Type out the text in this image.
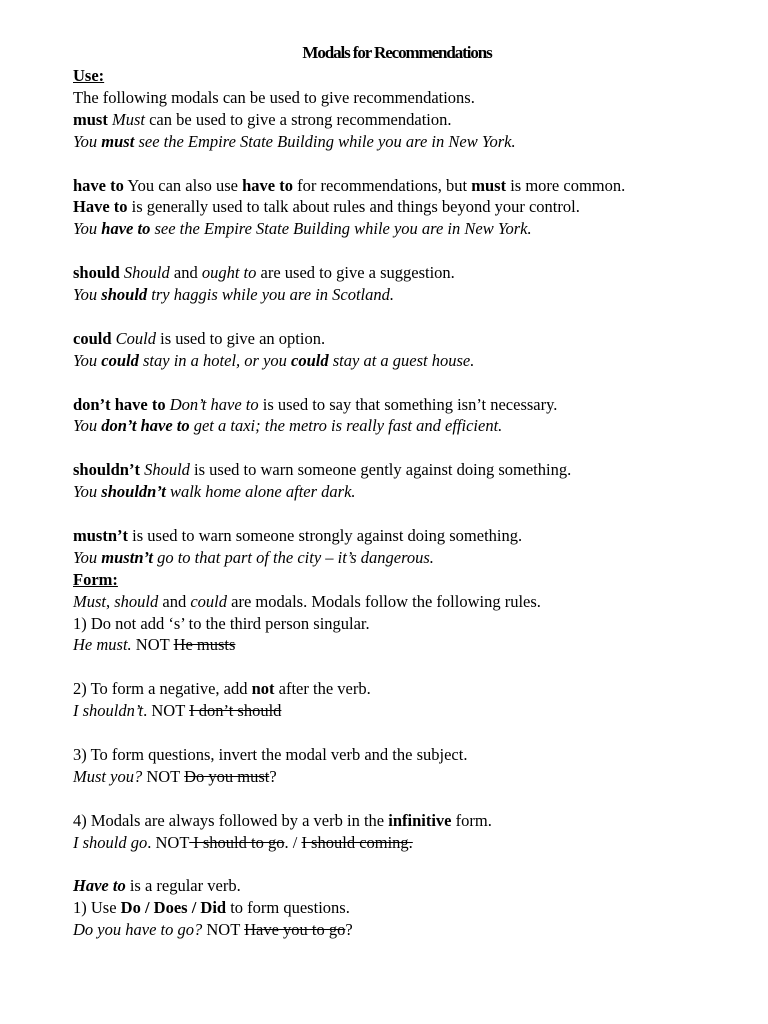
Modals for Recommendations
Use:
The following modals can be used to give recommendations.
must Must can be used to give a strong recommendation.
You must see the Empire State Building while you are in New York.
have to You can also use have to for recommendations, but must is more common.
Have to is generally used to talk about rules and things beyond your control.
You have to see the Empire State Building while you are in New York.
should Should and ought to are used to give a suggestion.
You should try haggis while you are in Scotland.
could Could is used to give an option.
You could stay in a hotel, or you could stay at a guest house.
don’t have to Don’t have to is used to say that something isn’t necessary.
You don’t have to get a taxi; the metro is really fast and efficient.
shouldn’t Should is used to warn someone gently against doing something.
You shouldn’t walk home alone after dark.
mustn’t is used to warn someone strongly against doing something.
You mustn’t go to that part of the city – it’s dangerous.
Form:
Must, should and could are modals. Modals follow the following rules.
1) Do not add ‘s’ to the third person singular.
He must. NOT He musts
2) To form a negative, add not after the verb.
I shouldn’t. NOT I don’t should
3) To form questions, invert the modal verb and the subject.
Must you? NOT Do you must?
4) Modals are always followed by a verb in the infinitive form.
I should go. NOT I should to go. / I should coming.
Have to is a regular verb.
1) Use Do / Does / Did to form questions.
Do you have to go? NOT Have you to go?
